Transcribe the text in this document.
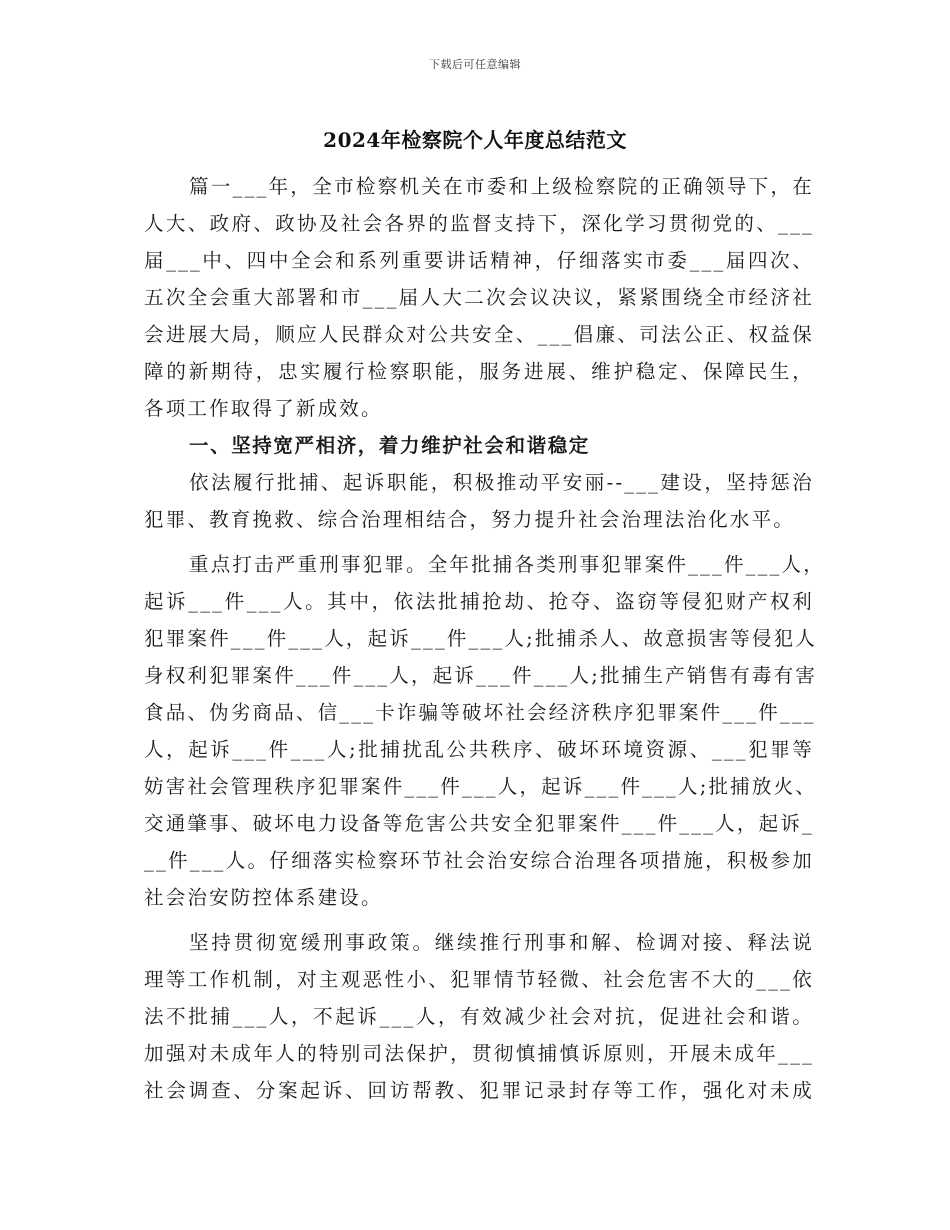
下载后可任意编辑
2024年检察院个人年度总结范文
篇一___年，全市检察机关在市委和上级检察院的正确领导下，在
人大、政府、政协及社会各界的监督支持下，深化学习贯彻党的、___
届___中、四中全会和系列重要讲话精神，仔细落实市委___届四次、
五次全会重大部署和市___届人大二次会议决议，紧紧围绕全市经济社
会进展大局，顺应人民群众对公共安全、___倡廉、司法公正、权益保
障的新期待，忠实履行检察职能，服务进展、维护稳定、保障民生，
各项工作取得了新成效。
一、坚持宽严相济，着力维护社会和谐稳定
依法履行批捕、起诉职能，积极推动平安丽--___建设，坚持惩治
犯罪、教育挽救、综合治理相结合，努力提升社会治理法治化水平。
重点打击严重刑事犯罪。全年批捕各类刑事犯罪案件___件___人，
起诉___件___人。其中，依法批捕抢劫、抢夺、盗窃等侵犯财产权利
犯罪案件___件___人，起诉___件___人;批捕杀人、故意损害等侵犯人
身权利犯罪案件___件___人，起诉___件___人;批捕生产销售有毒有害
食品、伪劣商品、信___卡诈骗等破坏社会经济秩序犯罪案件___件___
人，起诉___件___人;批捕扰乱公共秩序、破坏环境资源、___犯罪等
妨害社会管理秩序犯罪案件___件___人，起诉___件___人;批捕放火、
交通肇事、破坏电力设备等危害公共安全犯罪案件___件___人，起诉_
__件___人。仔细落实检察环节社会治安综合治理各项措施，积极参加
社会治安防控体系建设。
坚持贯彻宽缓刑事政策。继续推行刑事和解、检调对接、释法说
理等工作机制，对主观恶性小、犯罪情节轻微、社会危害不大的___依
法不批捕___人，不起诉___人，有效减少社会对抗，促进社会和谐。
加强对未成年人的特别司法保护，贯彻慎捕慎诉原则，开展未成年___
社会调查、分案起诉、回访帮教、犯罪记录封存等工作，强化对未成
